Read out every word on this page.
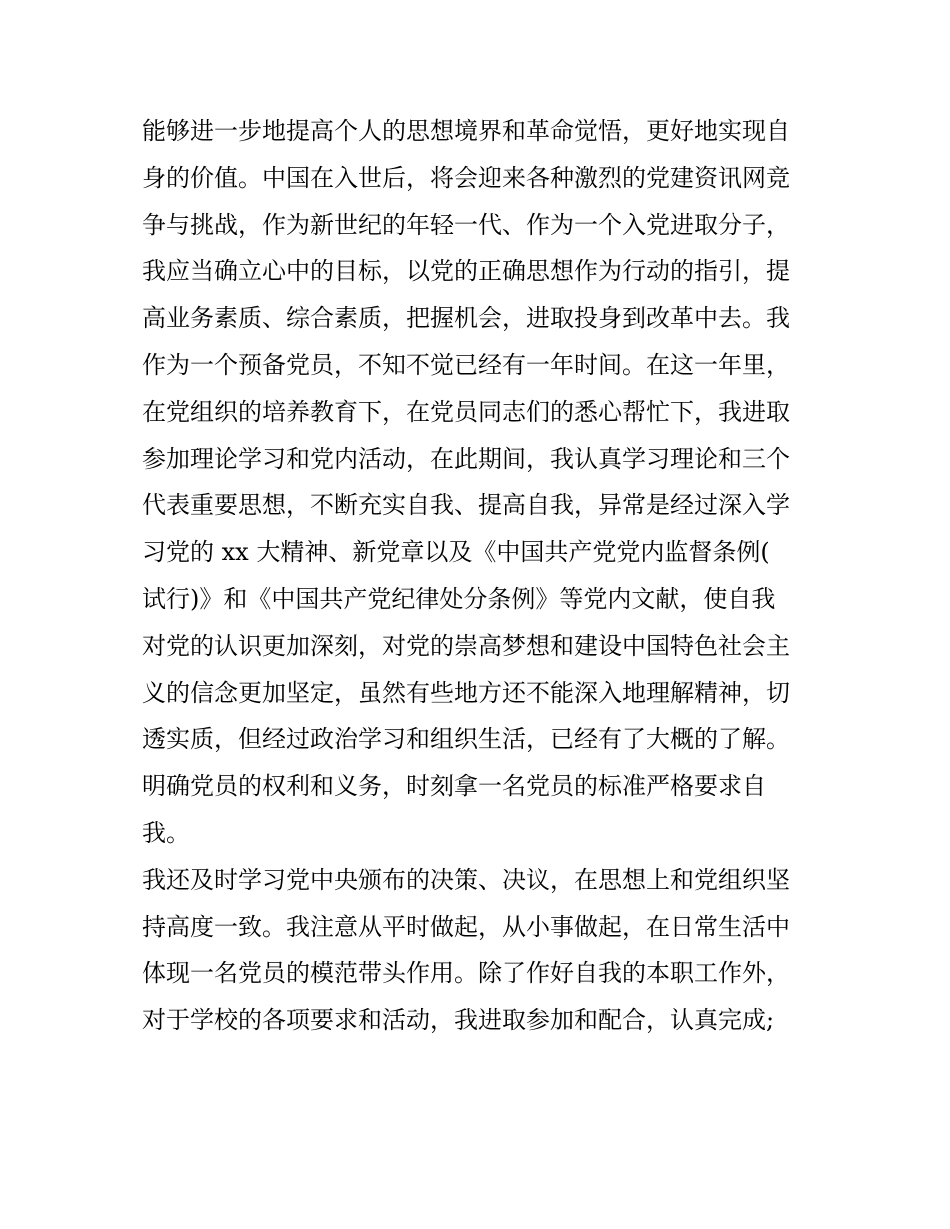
能够进一步地提高个人的思想境界和革命觉悟，更好地实现自
身的价值。中国在入世后，将会迎来各种激烈的党建资讯网竞
争与挑战，作为新世纪的年轻一代、作为一个入党进取分子，
我应当确立心中的目标，以党的正确思想作为行动的指引，提
高业务素质、综合素质，把握机会，进取投身到改革中去。我
作为一个预备党员，不知不觉已经有一年时间。在这一年里，
在党组织的培养教育下，在党员同志们的悉心帮忙下，我进取
参加理论学习和党内活动，在此期间，我认真学习理论和三个
代表重要思想，不断充实自我、提高自我，异常是经过深入学
习党的 xx 大精神、新党章以及《中国共产党党内监督条例(
试行)》和《中国共产党纪律处分条例》等党内文献，使自我
对党的认识更加深刻，对党的崇高梦想和建设中国特色社会主
义的信念更加坚定，虽然有些地方还不能深入地理解精神，切
透实质，但经过政治学习和组织生活，已经有了大概的了解。
明确党员的权利和义务，时刻拿一名党员的标准严格要求自
我。
我还及时学习党中央颁布的决策、决议，在思想上和党组织坚
持高度一致。我注意从平时做起，从小事做起，在日常生活中
体现一名党员的模范带头作用。除了作好自我的本职工作外，
对于学校的各项要求和活动，我进取参加和配合，认真完成;
